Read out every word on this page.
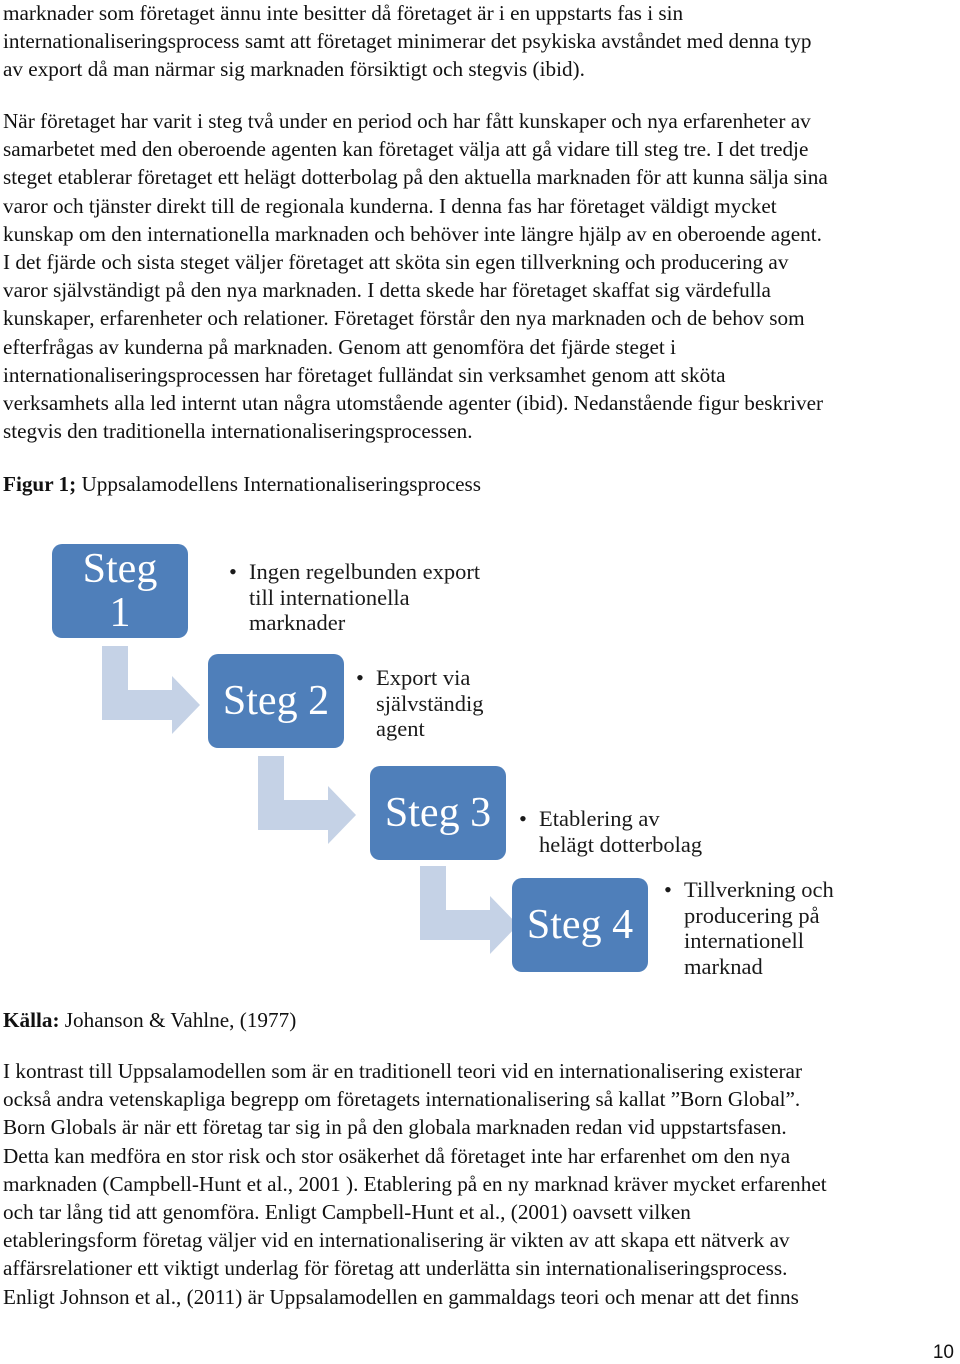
marknader som företaget ännu inte besitter då företaget är i en uppstarts fas i sin
internationaliseringsprocess samt att företaget minimerar det psykiska avståndet med denna typ
av export då man närmar sig marknaden försiktigt och stegvis (ibid).

När företaget har varit i steg två under en period och har fått kunskaper och nya erfarenheter av
samarbetet med den oberoende agenten kan företaget välja att gå vidare till steg tre. I det tredje
steget etablerar företaget ett helägt dotterbolag på den aktuella marknaden för att kunna sälja sina
varor och tjänster direkt till de regionala kunderna. I denna fas har företaget väldigt mycket
kunskap om den internationella marknaden och behöver inte längre hjälp av en oberoende agent.
I det fjärde och sista steget väljer företaget att sköta sin egen tillverkning och producering av
varor självständigt på den nya marknaden. I detta skede har företaget skaffat sig värdefulla
kunskaper, erfarenheter och relationer. Företaget förstår den nya marknaden och de behov som
efterfrågas av kunderna på marknaden. Genom att genomföra det fjärde steget i
internationaliseringsprocessen har företaget fulländat sin verksamhet genom att sköta
verksamhets alla led internt utan några utomstående agenter (ibid). Nedanstående figur beskriver
stegvis den traditionella internationaliseringsprocessen.

Figur 1; Uppsalamodellens Internationaliseringsprocess
Steg
1
• Ingen regelbunden export
till internationella
marknader
Steg 2
• Export via
självständig
agent
Steg 3 • Etablering av
helägt dotterbolag
Steg 4
• Tillverkning och
producering på
internationell
marknad
Källa: Johanson & Vahlne, (1977)

I kontrast till Uppsalamodellen som är en traditionell teori vid en internationalisering existerar
också andra vetenskapliga begrepp om företagets internationalisering så kallat ”Born Global”.
Born Globals är när ett företag tar sig in på den globala marknaden redan vid uppstartsfasen.
Detta kan medföra en stor risk och stor osäkerhet då företaget inte har erfarenhet om den nya
marknaden (Campbell-Hunt et al., 2001 ). Etablering på en ny marknad kräver mycket erfarenhet
och tar lång tid att genomföra. Enligt Campbell-Hunt et al., (2001) oavsett vilken
etableringsform företag väljer vid en internationalisering är vikten av att skapa ett nätverk av
affärsrelationer ett viktigt underlag för företag att underlätta sin internationaliseringsprocess.
Enligt Johnson et al., (2011) är Uppsalamodellen en gammaldags teori och menar att det finns

10
